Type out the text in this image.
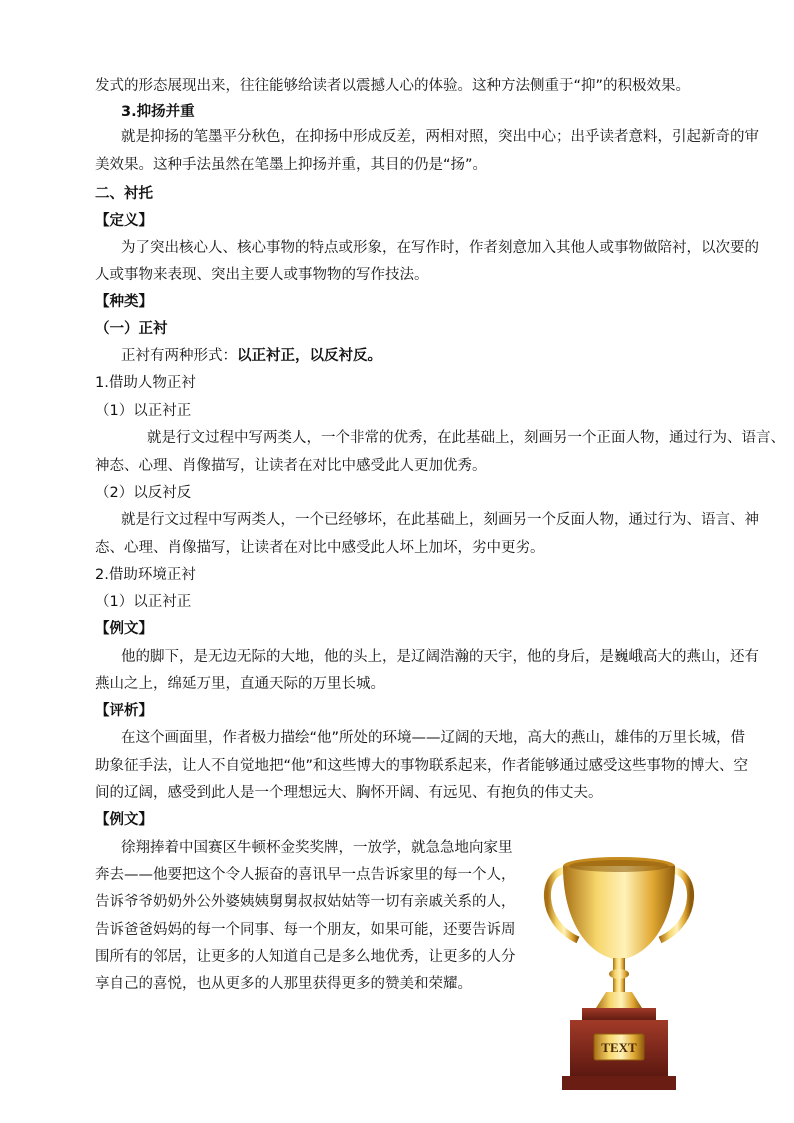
发式的形态展现出来，往往能够给读者以震撼人心的体验。这种方法侧重于“抑”的积极效果。
3.抑扬并重
就是抑扬的笔墨平分秋色，在抑扬中形成反差，两相对照，突出中心；出乎读者意料，引起新奇的审
美效果。这种手法虽然在笔墨上抑扬并重，其目的仍是“扬”。
二、衬托
【定义】
为了突出核心人、核心事物的特点或形象，在写作时，作者刻意加入其他人或事物做陪衬，以次要的
人或事物来表现、突出主要人或事物物的写作技法。
【种类】
（一）正衬
正衬有两种形式：以正衬正，以反衬反。
1.借助人物正衬
（1）以正衬正
就是行文过程中写两类人，一个非常的优秀，在此基础上，刻画另一个正面人物，通过行为、语言、
神态、心理、肖像描写，让读者在对比中感受此人更加优秀。
（2）以反衬反
就是行文过程中写两类人，一个已经够坏，在此基础上，刻画另一个反面人物，通过行为、语言、神
态、心理、肖像描写，让读者在对比中感受此人坏上加坏，劣中更劣。
2.借助环境正衬
（1）以正衬正
【例文】
他的脚下，是无边无际的大地，他的头上，是辽阔浩瀚的天宇，他的身后，是巍峨高大的燕山，还有
燕山之上，绵延万里，直通天际的万里长城。
【评析】
在这个画面里，作者极力描绘“他”所处的环境——辽阔的天地，高大的燕山，雄伟的万里长城，借
助象征手法，让人不自觉地把“他”和这些博大的事物联系起来，作者能够通过感受这些事物的博大、空
间的辽阔，感受到此人是一个理想远大、胸怀开阔、有远见、有抱负的伟丈夫。
【例文】
徐翔捧着中国赛区牛顿杯金奖奖牌，一放学，就急急地向家里
奔去——他要把这个令人振奋的喜讯早一点告诉家里的每一个人，
告诉爷爷奶奶外公外婆姨姨舅舅叔叔姑姑等一切有亲戚关系的人，
告诉爸爸妈妈的每一个同事、每一个朋友，如果可能，还要告诉周
围所有的邻居，让更多的人知道自己是多么地优秀，让更多的人分
享自己的喜悦，也从更多的人那里获得更多的赞美和荣耀。
TEXT
